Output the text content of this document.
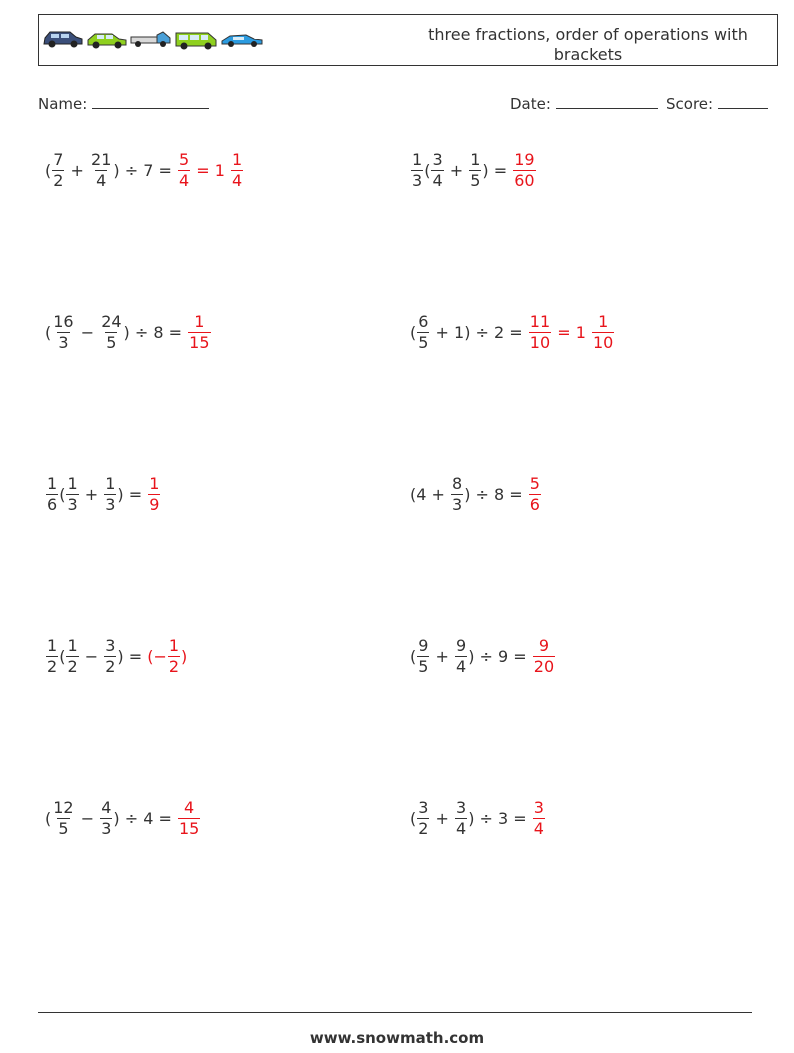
three fractions, order of operations with brackets
Name:	Date:	Score:
( $\frac{7}{2} + \frac{21}{4}$ ) ÷ 7 =
$\frac{5}{4} = 1 \frac{1}{4}$	$\frac{1}{3}$ ( $\frac{3}{4} + \frac{1}{5}$ ) =
$\frac{19}{60}$
( $\frac{16}{3} - \frac{24}{5}$ ) ÷ 8 =
$\frac{1}{15}$	( $\frac{6}{5} + 1) \div 2$ =
$\frac{11}{10} = 1 \frac{1}{10}$
$\frac{1}{6}$ ( $\frac{1}{3} + \frac{1}{3}$ ) =
$\frac{1}{9}$	($4 + \frac{8}{3}$ ) ÷ 8 =
$\frac{5}{6}$
$\frac{1}{2}$ ( $\frac{1}{2} - \frac{3}{2}$ ) = (− $\frac{1}{2}$ )	( $\frac{9}{5} + \frac{9}{4}$ ) ÷ 9 =
$\frac{9}{20}$
( $\frac{12}{5} - \frac{4}{3}$ ) ÷ 4 =
$\frac{4}{15}$	( $\frac{3}{2} + \frac{3}{4}$ ) ÷ 3 =
$\frac{3}{4}$
www.snowmath.com
